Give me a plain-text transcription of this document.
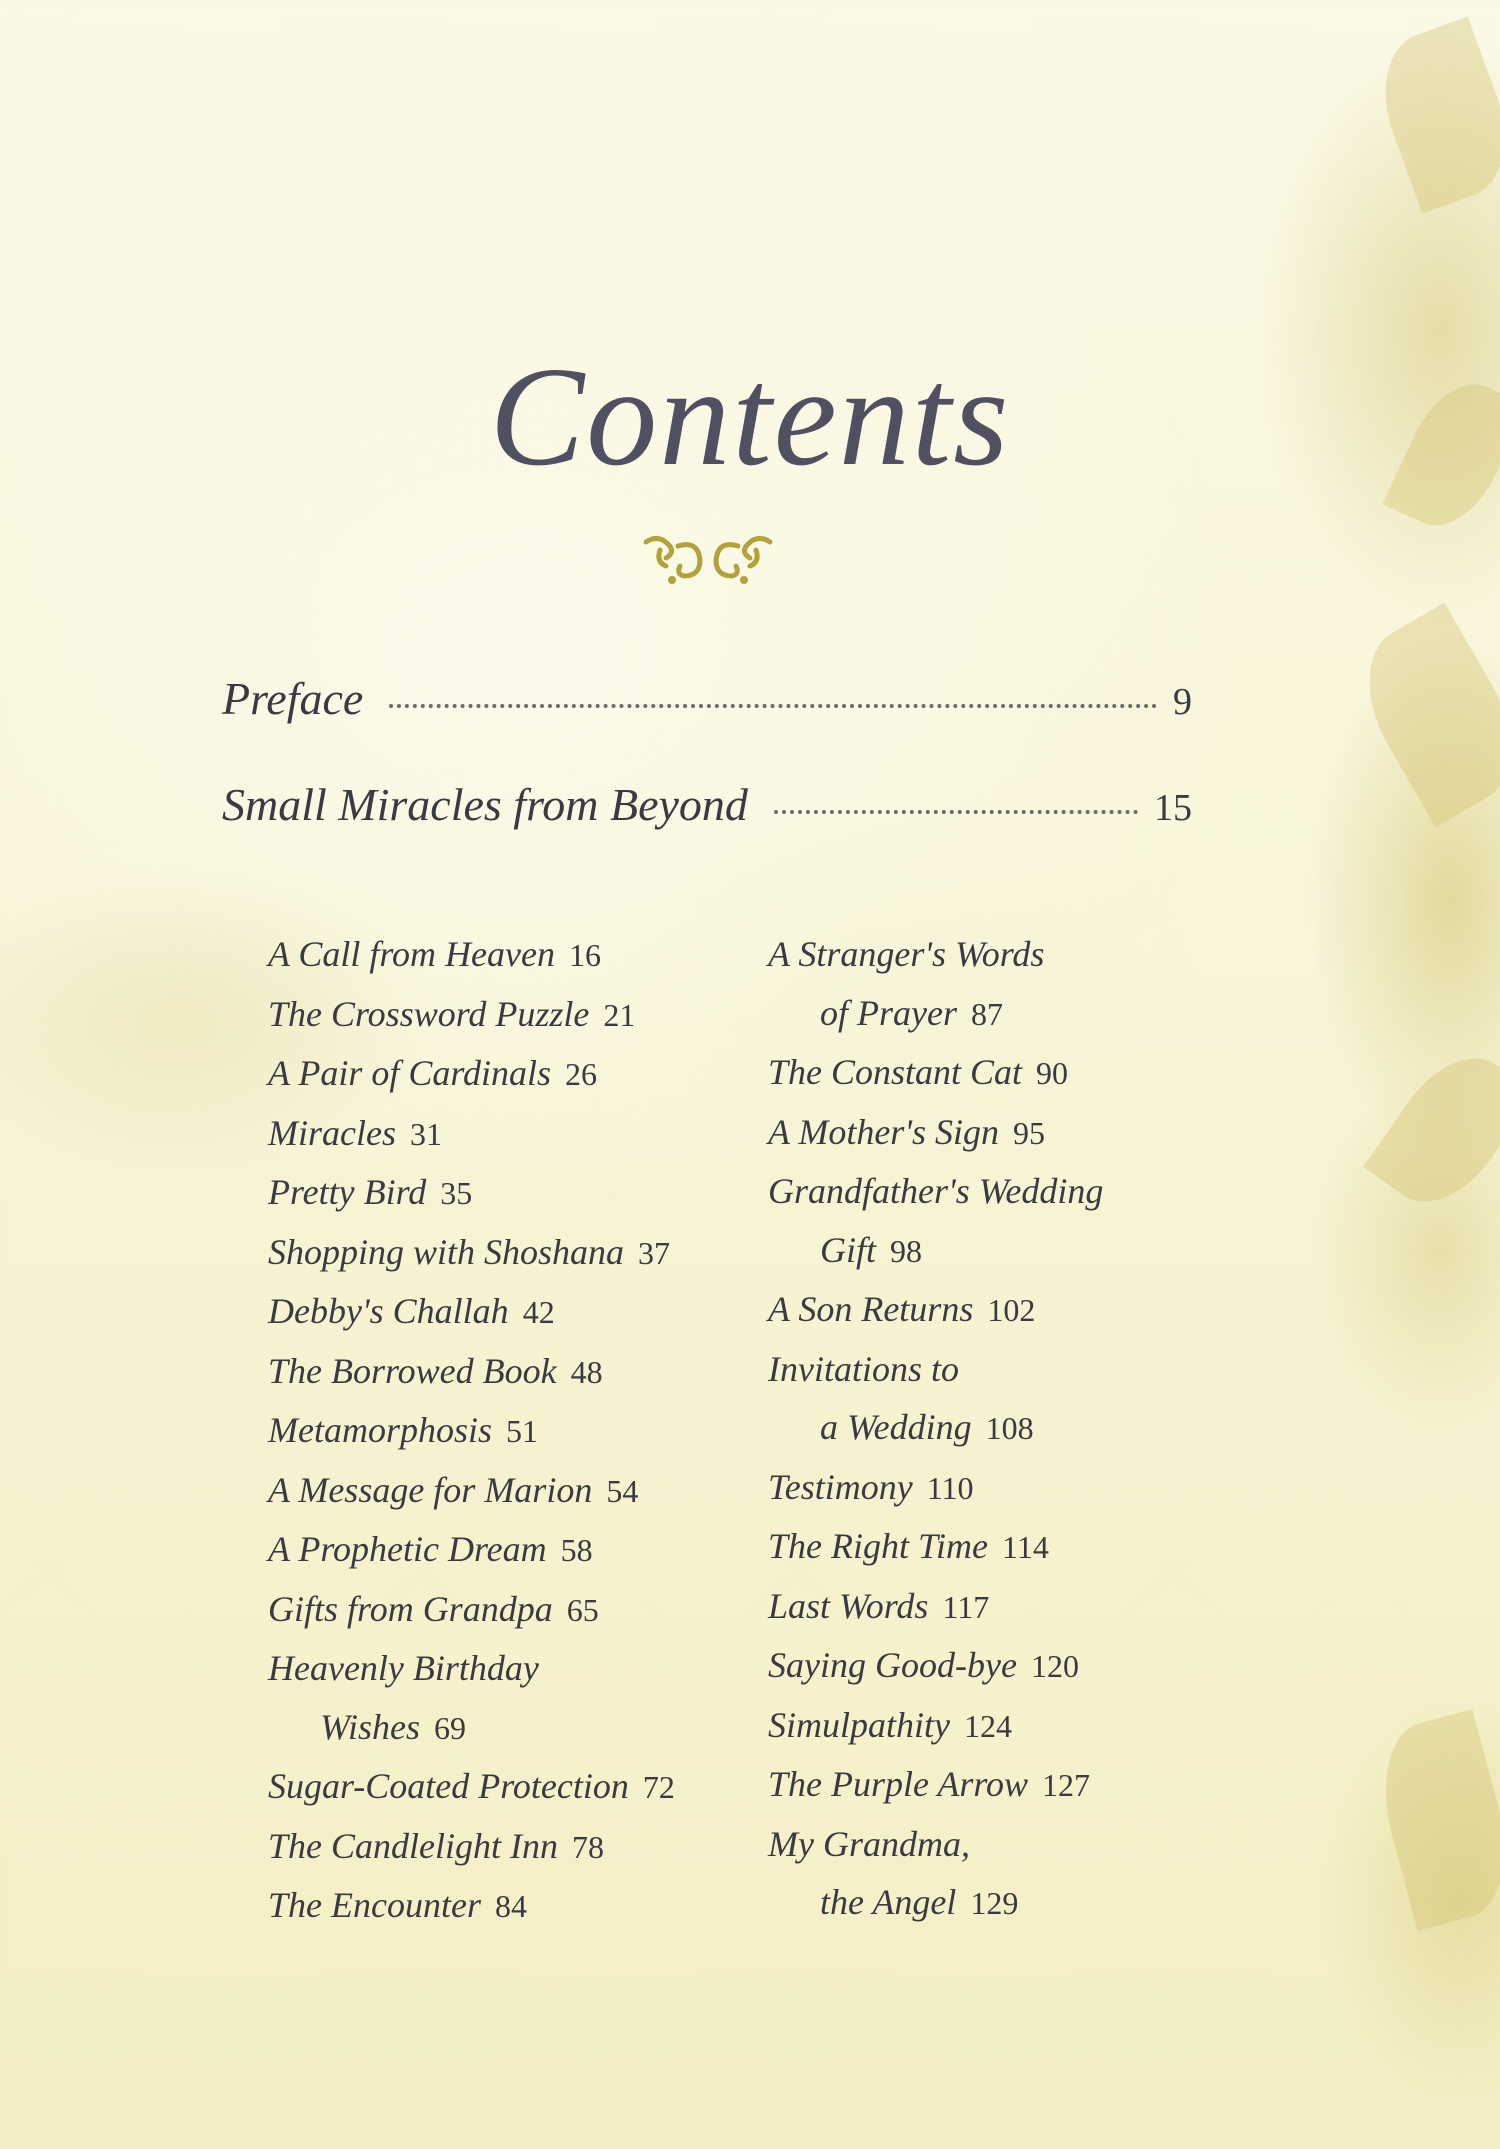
Contents
Preface	9
Small Miracles from Beyond	15
A Call from Heaven 16
The Crossword Puzzle 21
A Pair of Cardinals 26
Miracles 31
Pretty Bird 35
Shopping with Shoshana 37
Debby's Challah 42
The Borrowed Book 48
Metamorphosis 51
A Message for Marion 54
A Prophetic Dream 58
Gifts from Grandpa 65
Heavenly Birthday
Wishes 69
Sugar-Coated Protection 72
The Candlelight Inn 78
The Encounter 84
A Stranger's Words
of Prayer 87
The Constant Cat 90
A Mother's Sign 95
Grandfather's Wedding
Gift 98
A Son Returns 102
Invitations to
a Wedding 108
Testimony 110
The Right Time 114
Last Words 117
Saying Good-bye 120
Simulpathity 124
The Purple Arrow 127
My Grandma,
the Angel 129
